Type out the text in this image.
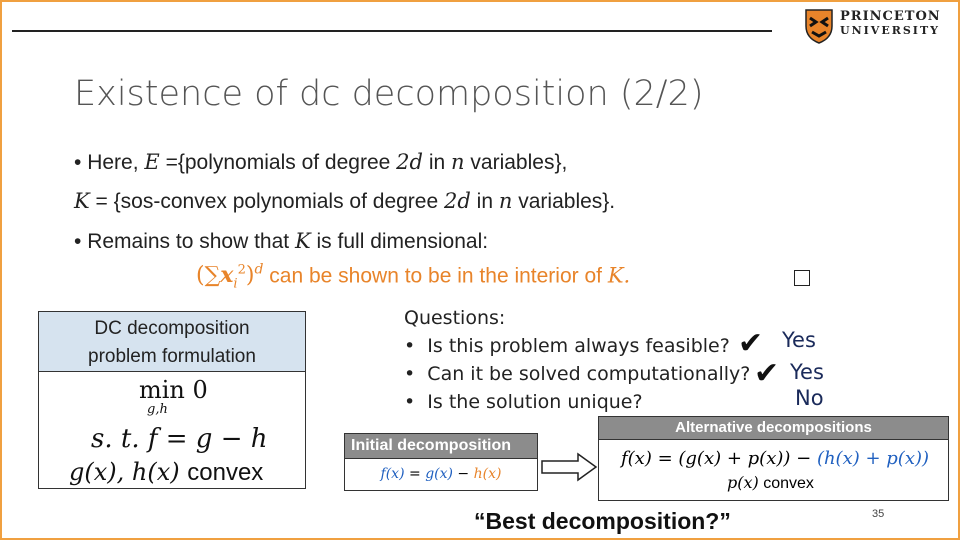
PRINCETON
UNIVERSITY
Existence of dc decomposition (2/2)
• Here, E ={polynomials of degree 2d in n variables},
K = {sos-convex polynomials of degree 2d in n variables}.
• Remains to show that K is full dimensional:
$(\sum x_i^2)^d$ can be shown to be in the interior of K.
DC decomposition
problem formulation
min 0
g,h
s. t. f = g − h
g(x), h(x) convex
Questions:
•  Is this problem always feasible?
•  Can it be solved computationally?
•  Is the solution unique?
✔
✔
Yes
Yes
No
Initial decomposition
f(x) = g(x) − h(x)
Alternative decompositions
f(x) = (g(x) + p(x)) − (h(x) + p(x))
p(x) convex
“Best decomposition?”	35
